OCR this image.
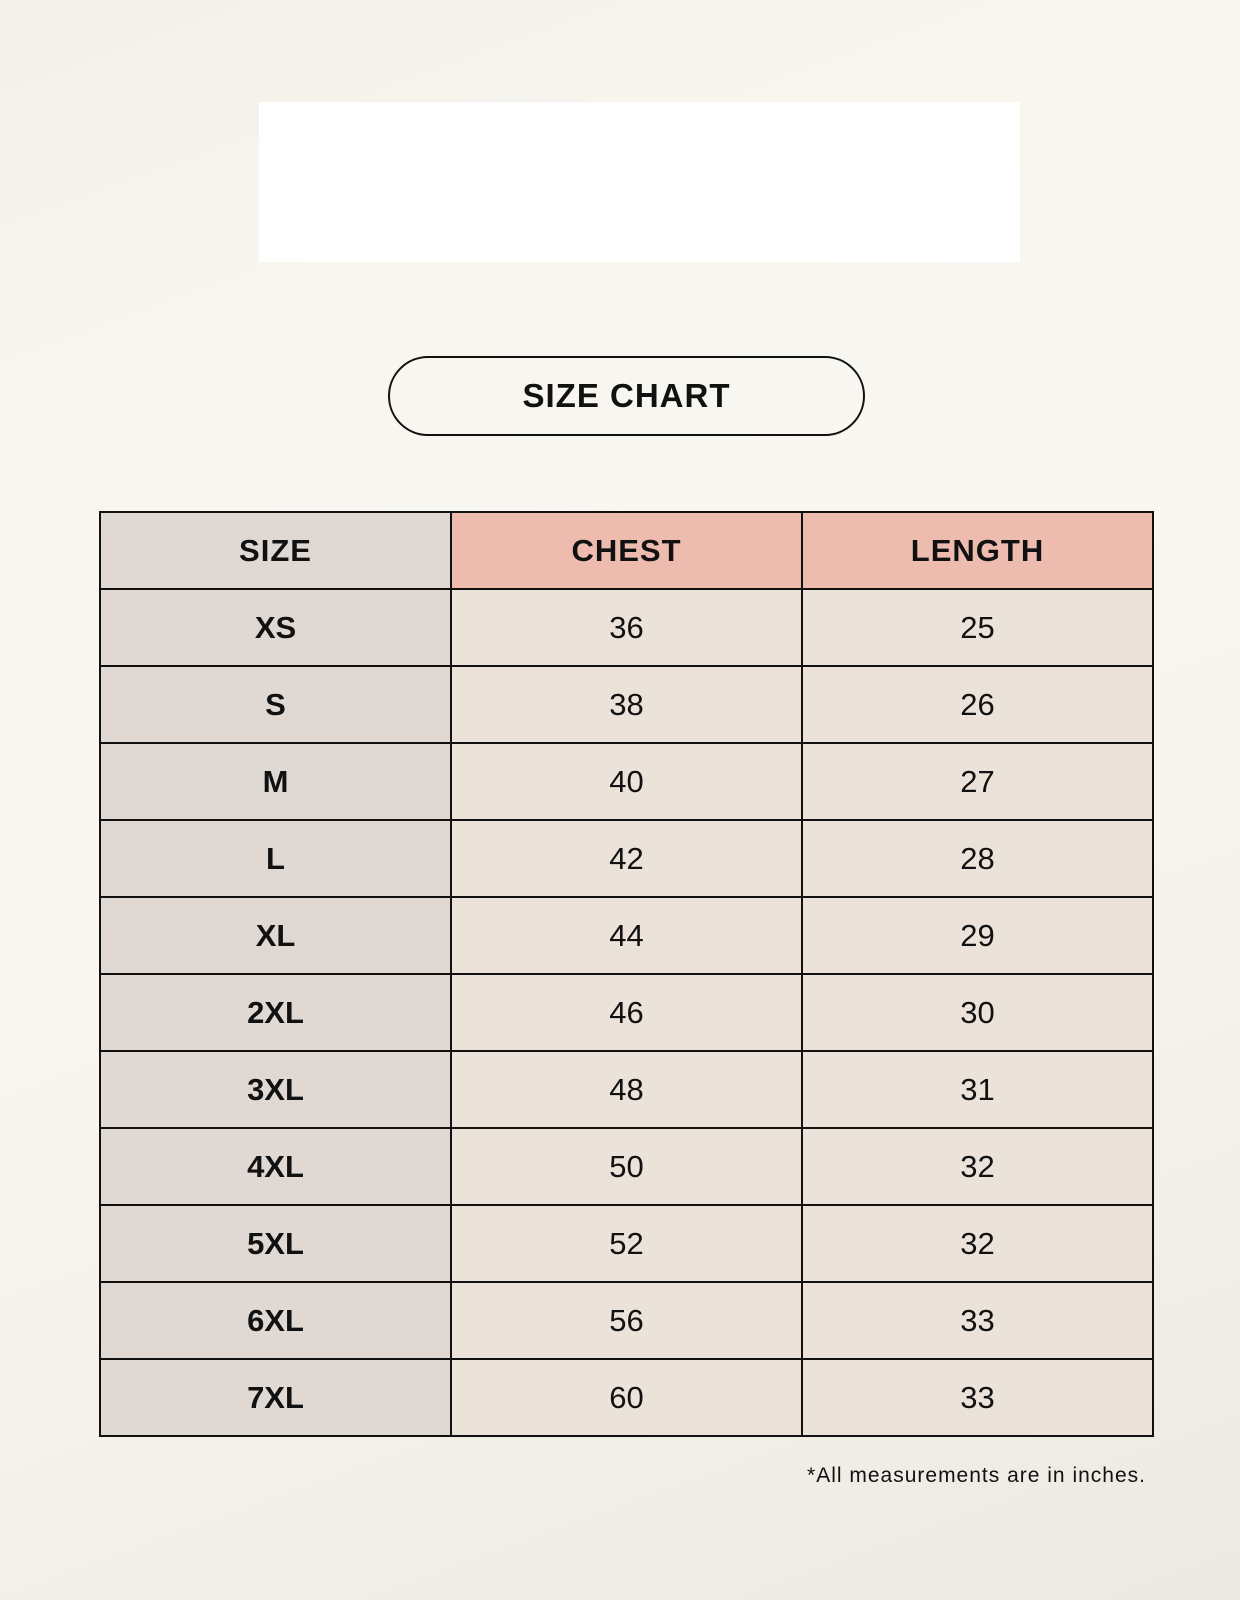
SIZE CHART
SIZE	CHEST	LENGTH
XS	36	25
S	38	26
M	40	27
L	42	28
XL	44	29
2XL	46	30
3XL	48	31
4XL	50	32
5XL	52	32
6XL	56	33
7XL	60	33
*All measurements are in inches.
